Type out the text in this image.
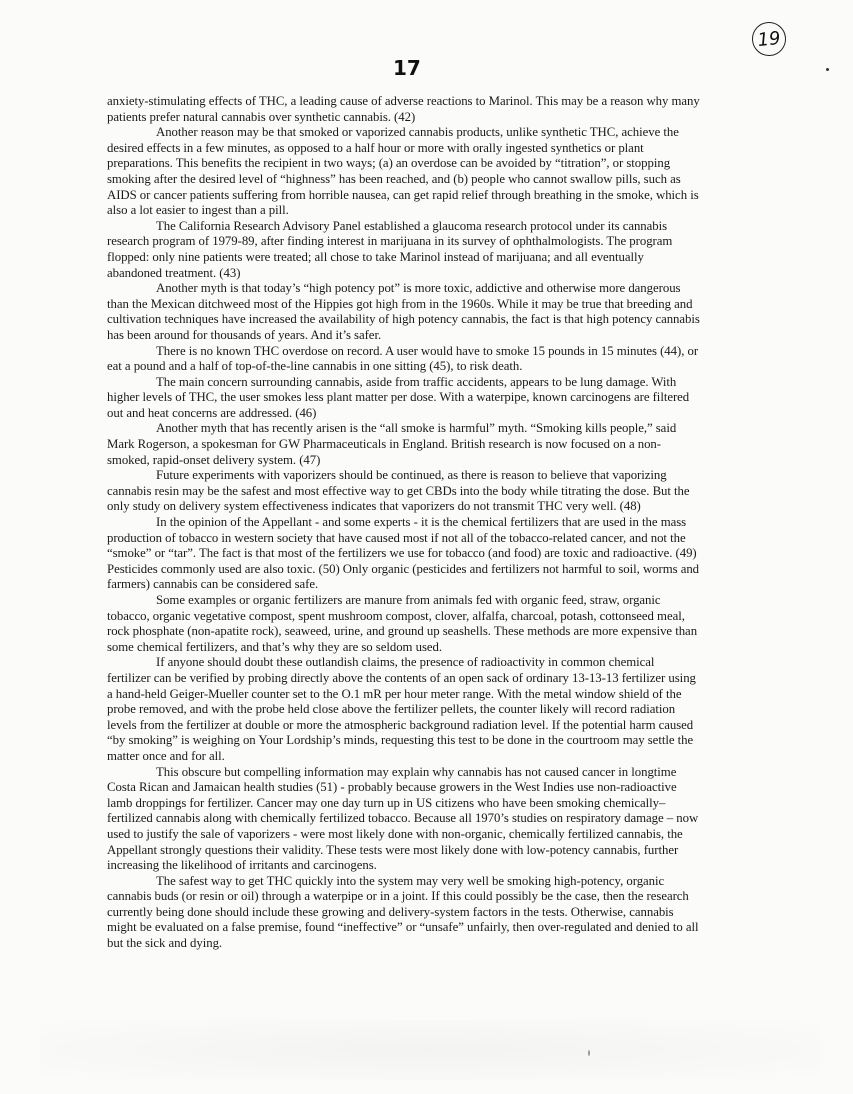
19
17

anxiety-stimulating effects of THC, a leading cause of adverse reactions to Marinol. This may be a reason why many patients prefer natural cannabis over synthetic cannabis. (42)

Another reason may be that smoked or vaporized cannabis products, unlike synthetic THC, achieve the desired effects in a few minutes, as opposed to a half hour or more with orally ingested synthetics or plant preparations. This benefits the recipient in two ways; (a) an overdose can be avoided by “titration”, or stopping smoking after the desired level of “highness” has been reached, and (b) people who cannot swallow pills, such as AIDS or cancer patients suffering from horrible nausea, can get rapid relief through breathing in the smoke, which is also a lot easier to ingest than a pill.

The California Research Advisory Panel established a glaucoma research protocol under its cannabis research program of 1979-89, after finding interest in marijuana in its survey of ophthalmologists. The program flopped: only nine patients were treated; all chose to take Marinol instead of marijuana; and all eventually abandoned treatment. (43)

Another myth is that today’s “high potency pot” is more toxic, addictive and otherwise more dangerous than the Mexican ditchweed most of the Hippies got high from in the 1960s. While it may be true that breeding and cultivation techniques have increased the availability of high potency cannabis, the fact is that high potency cannabis has been around for thousands of years. And it’s safer.

There is no known THC overdose on record. A user would have to smoke 15 pounds in 15 minutes (44), or eat a pound and a half of top-of-the-line cannabis in one sitting (45), to risk death.

The main concern surrounding cannabis, aside from traffic accidents, appears to be lung damage. With higher levels of THC, the user smokes less plant matter per dose. With a waterpipe, known carcinogens are filtered out and heat concerns are addressed. (46)

Another myth that has recently arisen is the “all smoke is harmful” myth. “Smoking kills people,” said Mark Rogerson, a spokesman for GW Pharmaceuticals in England. British research is now focused on a non-smoked, rapid-onset delivery system. (47)

Future experiments with vaporizers should be continued, as there is reason to believe that vaporizing cannabis resin may be the safest and most effective way to get CBDs into the body while titrating the dose. But the only study on delivery system effectiveness indicates that vaporizers do not transmit THC very well. (48)

In the opinion of the Appellant - and some experts - it is the chemical fertilizers that are used in the mass production of tobacco in western society that have caused most if not all of the tobacco-related cancer, and not the “smoke” or “tar”. The fact is that most of the fertilizers we use for tobacco (and food) are toxic and radioactive. (49) Pesticides commonly used are also toxic. (50) Only organic (pesticides and fertilizers not harmful to soil, worms and farmers) cannabis can be considered safe.

Some examples or organic fertilizers are manure from animals fed with organic feed, straw, organic tobacco, organic vegetative compost, spent mushroom compost, clover, alfalfa, charcoal, potash, cottonseed meal, rock phosphate (non-apatite rock), seaweed, urine, and ground up seashells. These methods are more expensive than some chemical fertilizers, and that’s why they are so seldom used.

If anyone should doubt these outlandish claims, the presence of radioactivity in common chemical fertilizer can be verified by probing directly above the contents of an open sack of ordinary 13-13-13 fertilizer using a hand-held Geiger-Mueller counter set to the O.1 mR per hour meter range. With the metal window shield of the probe removed, and with the probe held close above the fertilizer pellets, the counter likely will record radiation levels from the fertilizer at double or more the atmospheric background radiation level. If the potential harm caused “by smoking” is weighing on Your Lordship’s minds, requesting this test to be done in the courtroom may settle the matter once and for all.

This obscure but compelling information may explain why cannabis has not caused cancer in longtime Costa Rican and Jamaican health studies (51) - probably because growers in the West Indies use non-radioactive lamb droppings for fertilizer. Cancer may one day turn up in US citizens who have been smoking chemically–fertilized cannabis along with chemically fertilized tobacco. Because all 1970’s studies on respiratory damage – now used to justify the sale of vaporizers - were most likely done with non-organic, chemically fertilized cannabis, the Appellant strongly questions their validity. These tests were most likely done with low-potency cannabis, further increasing the likelihood of irritants and carcinogens.

The safest way to get THC quickly into the system may very well be smoking high-potency, organic cannabis buds (or resin or oil) through a waterpipe or in a joint. If this could possibly be the case, then the research currently being done should include these growing and delivery-system factors in the tests. Otherwise, cannabis might be evaluated on a false premise, found “ineffective” or “unsafe” unfairly, then over-regulated and denied to all but the sick and dying.
